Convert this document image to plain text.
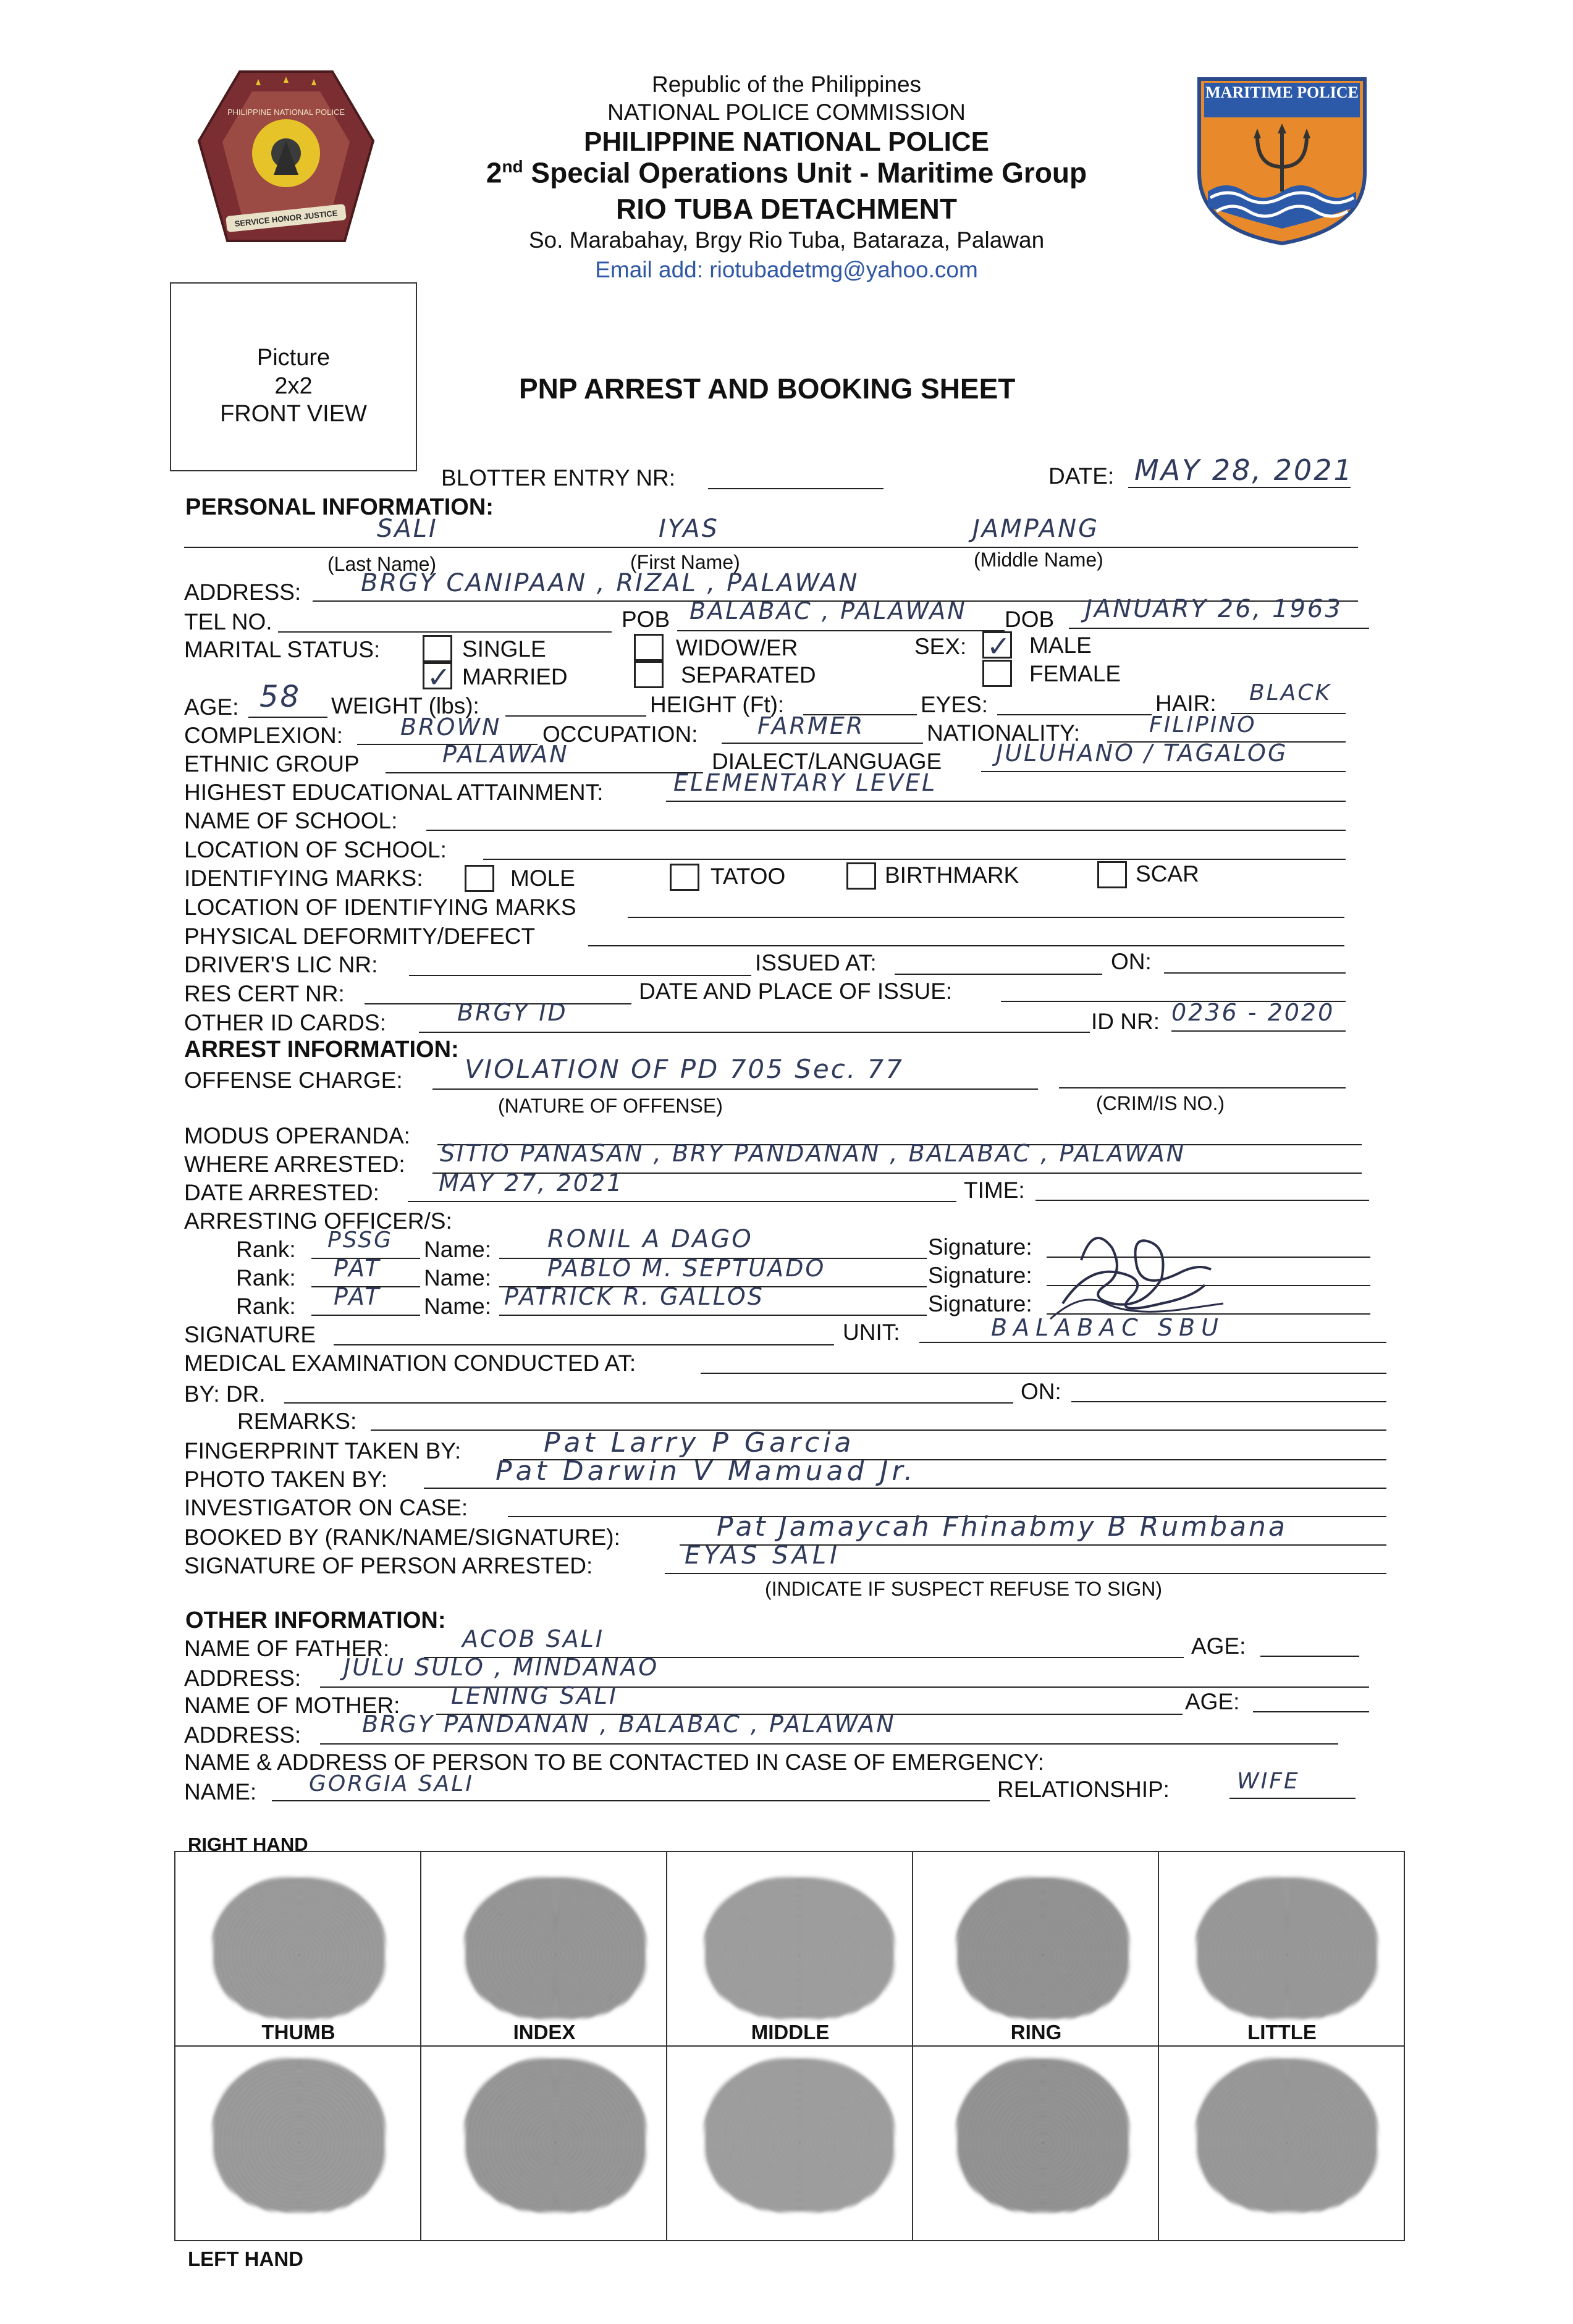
SERVICE HONOR JUSTICE
PHILIPPINE NATIONAL POLICE
MARITIME POLICE
Republic of the Philippines
NATIONAL POLICE COMMISSION
PHILIPPINE NATIONAL POLICE
2nd Special Operations Unit - Maritime Group
RIO TUBA DETACHMENT
So. Marabahay, Brgy Rio Tuba, Bataraza, Palawan
Email add: riotubadetmg@yahoo.com
Picture
2x2
FRONT VIEW
PNP ARREST AND BOOKING SHEET
BLOTTER ENTRY NR:	DATE: MAY 28, 2021
PERSONAL INFORMATION:
SALI	IYAS	JAMPANG
(Last Name)	(First Name)	(Middle Name)
ADDRESS: BRGY CANIPAAN , RIZAL , PALAWAN
TEL NO.	POB BALABAC , PALAWAN DOB JANUARY 26, 1963
MARITAL STATUS:	SINGLE
✓ MARRIED
WIDOW/ER
SEPARATED
SEX: ✓ MALE
FEMALE
AGE: 58 WEIGHT (lbs):	HEIGHT (Ft):	EYES:	HAIR: BLACK
COMPLEXION: BROWN OCCUPATION:	FARMER	NATIONALITY:	FILIPINO
ETHNIC GROUP	PALAWAN	DIALECT/LANGUAGE JULUHANO / TAGALOG
HIGHEST EDUCATIONAL ATTAINMENT:	ELEMENTARY LEVEL
NAME OF SCHOOL:
LOCATION OF SCHOOL:
IDENTIFYING MARKS:	MOLE	TATOO	BIRTHMARK	SCAR
LOCATION OF IDENTIFYING MARKS
PHYSICAL DEFORMITY/DEFECT
DRIVER'S LIC NR:	ISSUED AT:	ON:
RES CERT NR:	DATE AND PLACE OF ISSUE:
OTHER ID CARDS:	BRGY ID	ID NR: 0236 - 2020
ARREST INFORMATION:
OFFENSE CHARGE: VIOLATION OF PD 705 Sec. 77
(NATURE OF OFFENSE)	(CRIM/IS NO.)
MODUS OPERANDA:
WHERE ARRESTED: SITIO PANASAN , BRY PANDANAN , BALABAC , PALAWAN
DATE ARRESTED:	MAY 27, 2021	TIME:
ARRESTING OFFICER/S:
Rank: PSSG Name: RONIL A DAGO	Signature:
Rank: PAT Name: PABLO M. SEPTUADO	Signature:
Rank: PAT Name: PATRICK R. GALLOS	Signature:
SIGNATURE	UNIT:	BALABAC SBU
MEDICAL EXAMINATION CONDUCTED AT:
BY: DR.	ON:
REMARKS:
FINGERPRINT TAKEN BY:	Pat Larry P Garcia
PHOTO TAKEN BY:	Pat Darwin V Mamuad Jr.
INVESTIGATOR ON CASE:
BOOKED BY (RANK/NAME/SIGNATURE):	Pat Jamaycah Fhinabmy B Rumbana
SIGNATURE OF PERSON ARRESTED:	EYAS SALI
(INDICATE IF SUSPECT REFUSE TO SIGN)
OTHER INFORMATION:
NAME OF FATHER:	ACOB SALI	AGE:
ADDRESS: JULU SULO , MINDANAO
NAME OF MOTHER: LENING SALI	AGE:
ADDRESS:	BRGY PANDANAN , BALABAC , PALAWAN
NAME & ADDRESS OF PERSON TO BE CONTACTED IN CASE OF EMERGENCY:
NAME: GORGIA SALI	RELATIONSHIP:	WIFE
RIGHT HAND
THUMB	INDEX	MIDDLE	RING	LITTLE
LEFT HAND
